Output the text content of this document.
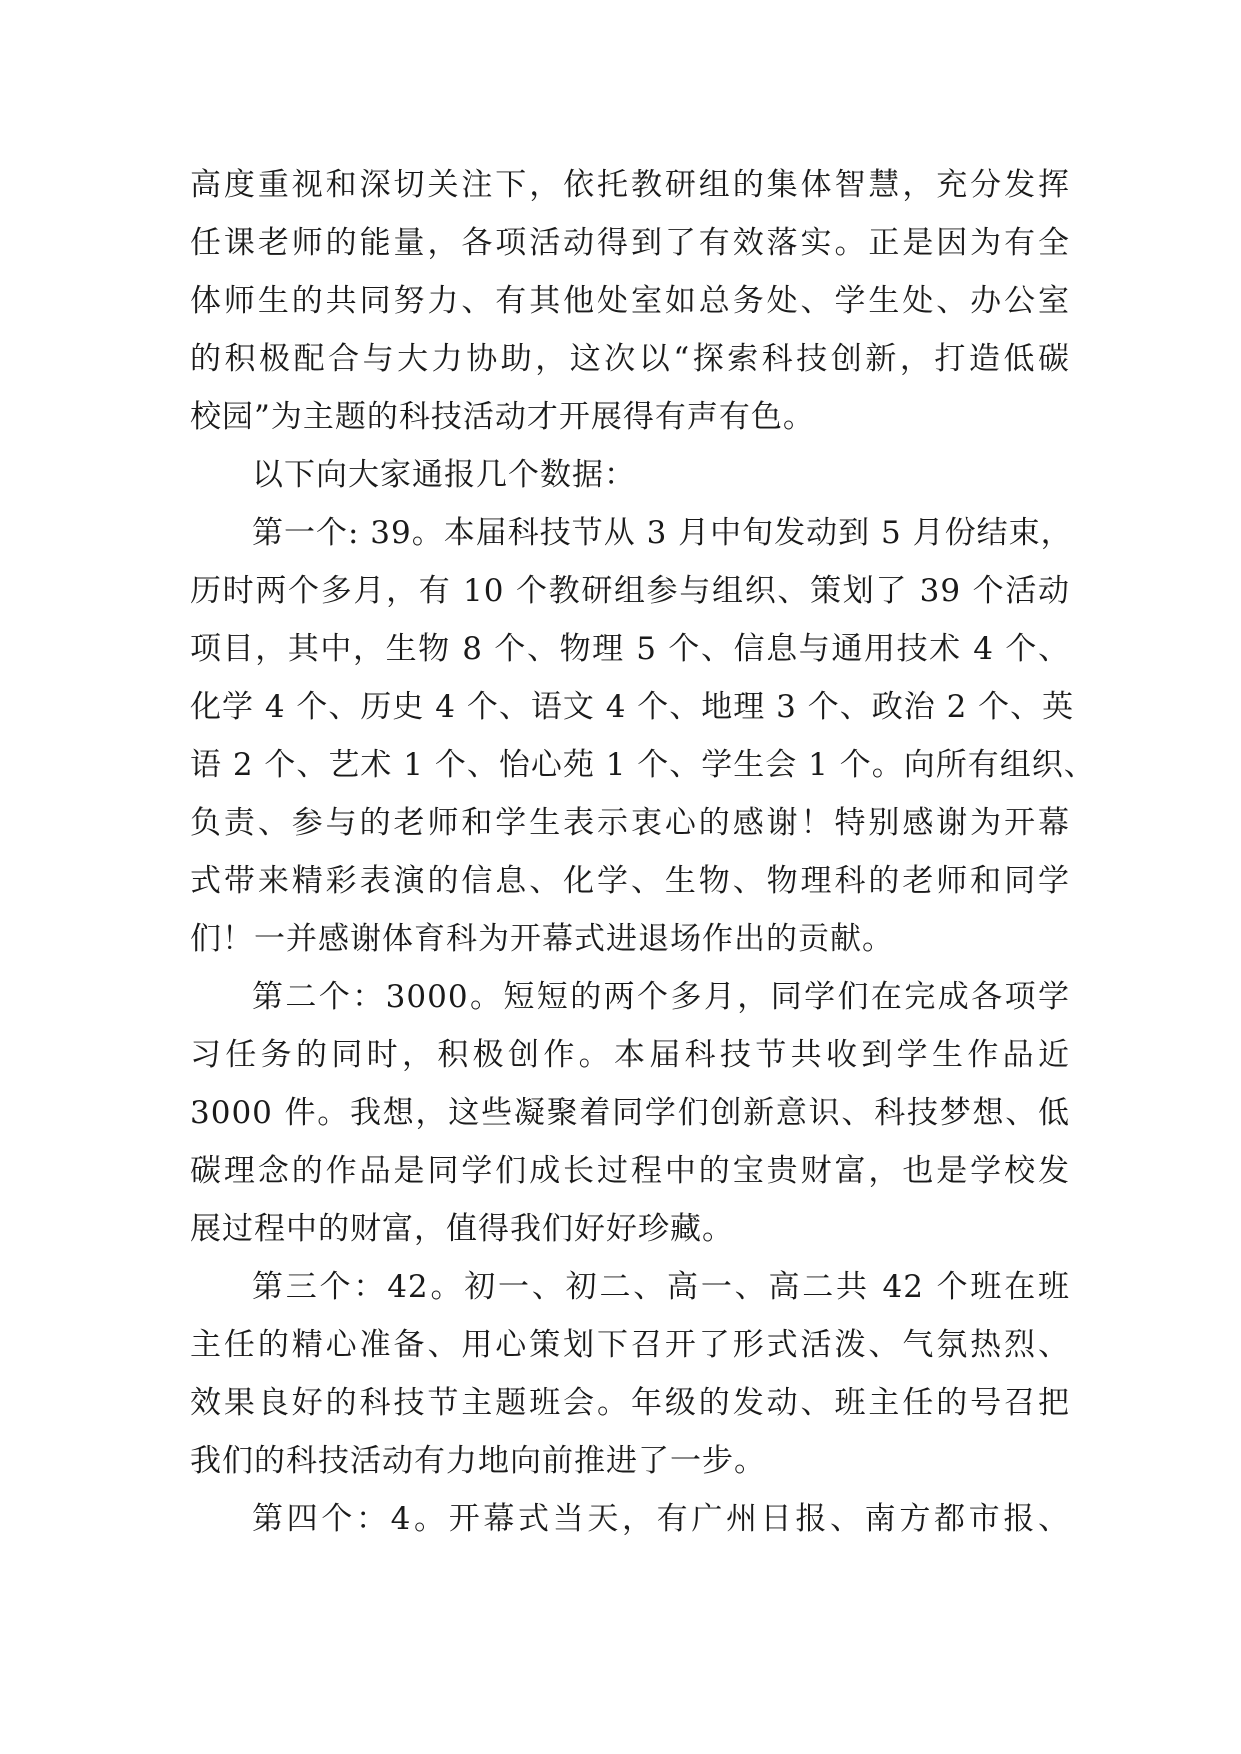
高度重视和深切关注下，依托教研组的集体智慧，充分发挥
任课老师的能量，各项活动得到了有效落实。正是因为有全
体师生的共同努力、有其他处室如总务处、学生处、办公室
的积极配合与大力协助，这次以“探索科技创新，打造低碳
校园”为主题的科技活动才开展得有声有色。
以下向大家通报几个数据：
第一个: 39。本届科技节从 3 月中旬发动到 5 月份结束，
历时两个多月，有 10 个教研组参与组织、策划了 39 个活动
项目，其中，生物 8 个、物理 5 个、信息与通用技术 4 个、
化学 4 个、历史 4 个、语文 4 个、地理 3 个、政治 2 个、英
语 2 个、艺术 1 个、怡心苑 1 个、学生会 1 个。向所有组织、
负责、参与的老师和学生表示衷心的感谢！特别感谢为开幕
式带来精彩表演的信息、化学、生物、物理科的老师和同学
们！一并感谢体育科为开幕式进退场作出的贡献。
第二个：3000。短短的两个多月，同学们在完成各项学
习任务的同时，积极创作。本届科技节共收到学生作品近
3000 件。我想，这些凝聚着同学们创新意识、科技梦想、低
碳理念的作品是同学们成长过程中的宝贵财富，也是学校发
展过程中的财富，值得我们好好珍藏。
第三个：42。初一、初二、高一、高二共 42 个班在班
主任的精心准备、用心策划下召开了形式活泼、气氛热烈、
效果良好的科技节主题班会。年级的发动、班主任的号召把
我们的科技活动有力地向前推进了一步。
第四个：4。开幕式当天，有广州日报、南方都市报、
